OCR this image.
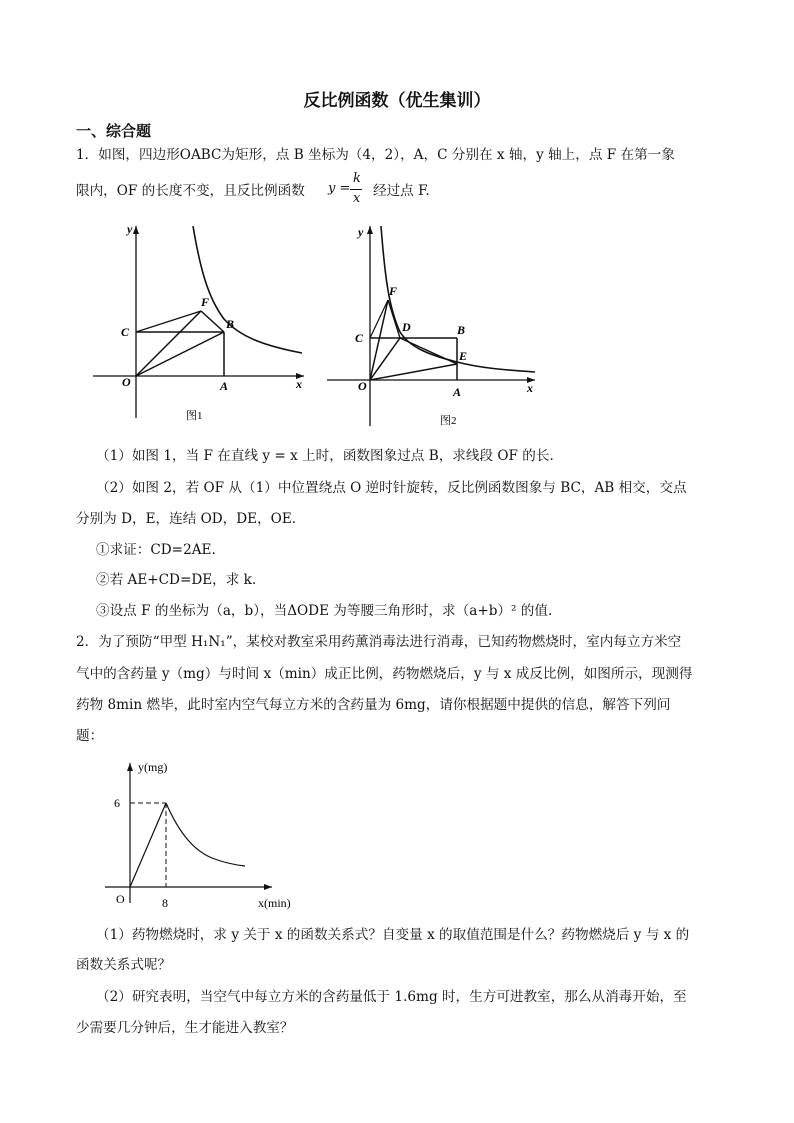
反比例函数（优生集训）
一、综合题
1．如图，四边形OABC为矩形，点 B 坐标为（4，2），A，C 分别在 x 轴，y 轴上，点 F 在第一象
限内，OF 的长度不变，且反比例函数 y =
k
x 经过点 F.
y
x
O	A
B
C
F
图1
y
x
O	A
B
C
D
E
F
图2
（1）如图 1，当 F 在直线 y = x 上时，函数图象过点 B，求线段 OF 的长.
（2）如图 2，若 OF 从（1）中位置绕点 O 逆时针旋转，反比例函数图象与 BC，AB 相交，交点
分别为 D，E，连结 OD，DE，OE.
①求证：CD=2AE.
②若 AE+CD=DE，求 k.
③设点 F 的坐标为（a，b），当ΔODE 为等腰三角形时，求（a+b）² 的值.
2．为了预防“甲型 H₁N₁”，某校对教室采用药薰消毒法进行消毒，已知药物燃烧时，室内每立方米空
气中的含药量 y（mg）与时间 x（min）成正比例，药物燃烧后，y 与 x 成反比例，如图所示，现测得
药物 8min 燃毕，此时室内空气每立方米的含药量为 6mg，请你根据题中提供的信息，解答下列问
题：
y(mg)
x(min)
O
6
8
（1）药物燃烧时，求 y 关于 x 的函数关系式？自变量 x 的取值范围是什么？药物燃烧后 y 与 x 的
函数关系式呢？
（2）研究表明，当空气中每立方米的含药量低于 1.6mg 时，生方可进教室，那么从消毒开始，至
少需要几分钟后，生才能进入教室？
